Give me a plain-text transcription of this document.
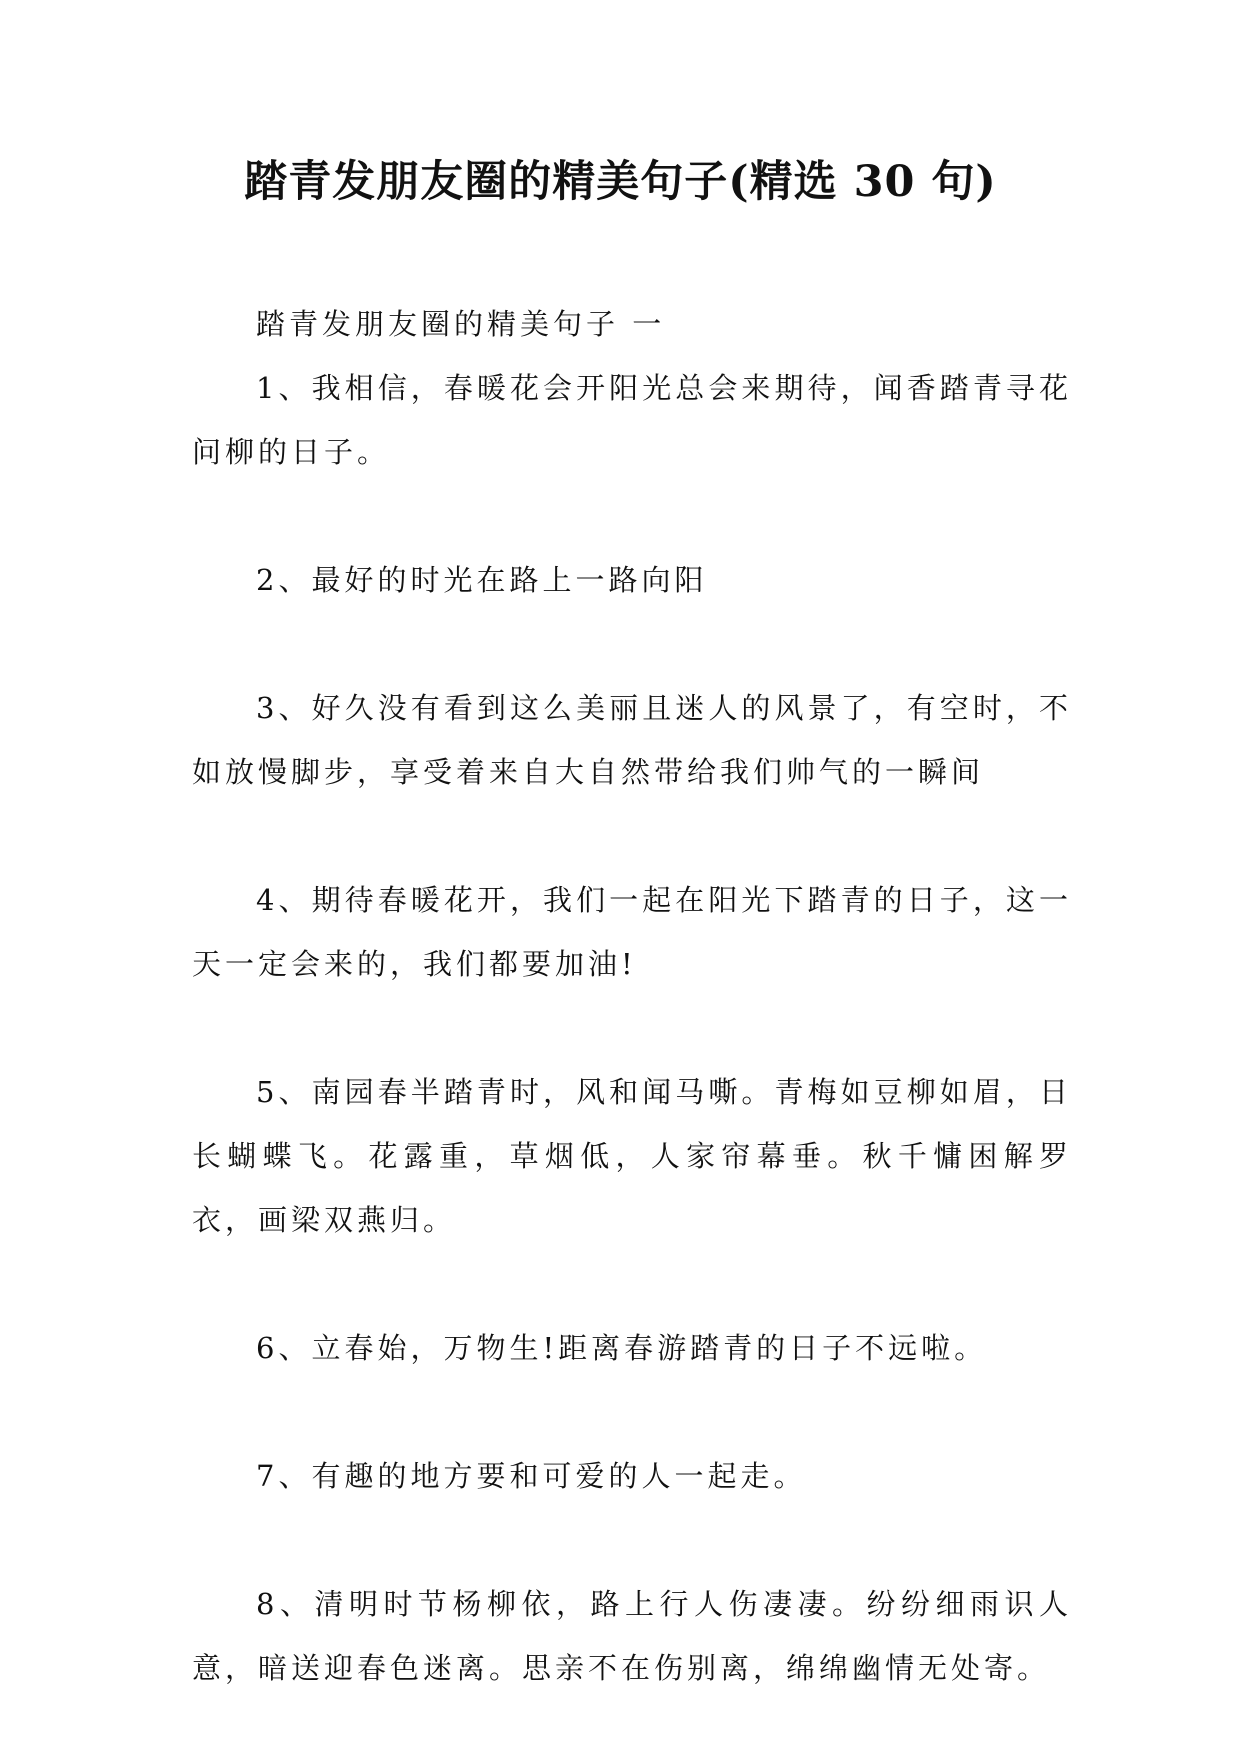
踏青发朋友圈的精美句子(精选 30 句)
踏青发朋友圈的精美句子 一

1、我相信，春暖花会开阳光总会来期待，闻香踏青寻花问柳的日子。

2、最好的时光在路上一路向阳

3、好久没有看到这么美丽且迷人的风景了，有空时，不如放慢脚步，享受着来自大自然带给我们帅气的一瞬间

4、期待春暖花开，我们一起在阳光下踏青的日子，这一天一定会来的，我们都要加油!

5、南园春半踏青时，风和闻马嘶。青梅如豆柳如眉，日长蝴蝶飞。花露重，草烟低，人家帘幕垂。秋千慵困解罗衣，画梁双燕归。

6、立春始，万物生!距离春游踏青的日子不远啦。

7、有趣的地方要和可爱的人一起走。

8、清明时节杨柳依，路上行人伤凄凄。纷纷细雨识人意，暗送迎春色迷离。思亲不在伤别离，绵绵幽情无处寄。
